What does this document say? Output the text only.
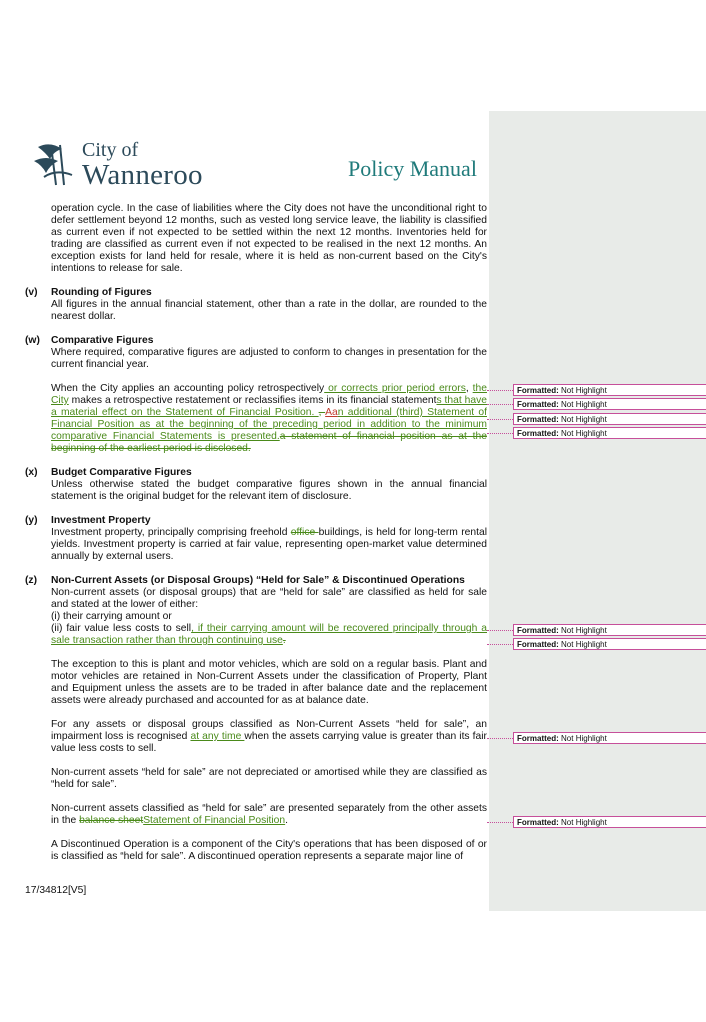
City of
Wanneroo	Policy Manual

operation cycle. In the case of liabilities where the City does not have the unconditional right to defer settlement beyond 12 months, such as vested long service leave, the liability is classified as current even if not expected to be settled within the next 12 months. Inventories held for trading are classified as current even if not expected to be realised in the next 12 months. An exception exists for land held for resale, where it is held as non-current based on the City's intentions to release for sale.

(v) Rounding of Figures

All figures in the annual financial statement, other than a rate in the dollar, are rounded to the nearest dollar.

(w) Comparative Figures

Where required, comparative figures are adjusted to conform to changes in presentation for the current financial year.

When the City applies an accounting policy retrospectively or corrects prior period errors, the City makes a retrospective restatement or reclassifies items in its financial statements that have a material effect on the Statement of Financial Position. , Aan additional (third) Statement of Financial Position as at the beginning of the preceding period in addition to the minimum comparative Financial Statements is presented.a statement of financial position as at the beginning of the earliest period is disclosed.

(x) Budget Comparative Figures

Unless otherwise stated the budget comparative figures shown in the annual financial statement is the original budget for the relevant item of disclosure.

(y) Investment Property

Investment property, principally comprising freehold office buildings, is held for long-term rental yields. Investment property is carried at fair value, representing open-market value determined annually by external users.

(z) Non-Current Assets (or Disposal Groups) “Held for Sale” & Discontinued Operations

Non-current assets (or disposal groups) that are “held for sale” are classified as held for sale and stated at the lower of either:

(i) their carrying amount or

(ii) fair value less costs to sell, if their carrying amount will be recovered principally through a sale transaction rather than through continuing use.

The exception to this is plant and motor vehicles, which are sold on a regular basis. Plant and motor vehicles are retained in Non-Current Assets under the classification of Property, Plant and Equipment unless the assets are to be traded in after balance date and the replacement assets were already purchased and accounted for as at balance date.

For any assets or disposal groups classified as Non-Current Assets “held for sale”, an impairment loss is recognised at any time when the assets carrying value is greater than its fair value less costs to sell.

Non-current assets “held for sale” are not depreciated or amortised while they are classified as “held for sale”.

Non-current assets classified as “held for sale” are presented separately from the other assets in the balance sheetStatement of Financial Position.

A Discontinued Operation is a component of the City's operations that has been disposed of or is classified as “held for sale”. A discontinued operation represents a separate major line of

17/34812[V5]
Formatted: Not Highlight
Formatted: Not Highlight
Formatted: Not Highlight
Formatted: Not Highlight
Formatted: Not Highlight
Formatted: Not Highlight
Formatted: Not Highlight
Formatted: Not Highlight
